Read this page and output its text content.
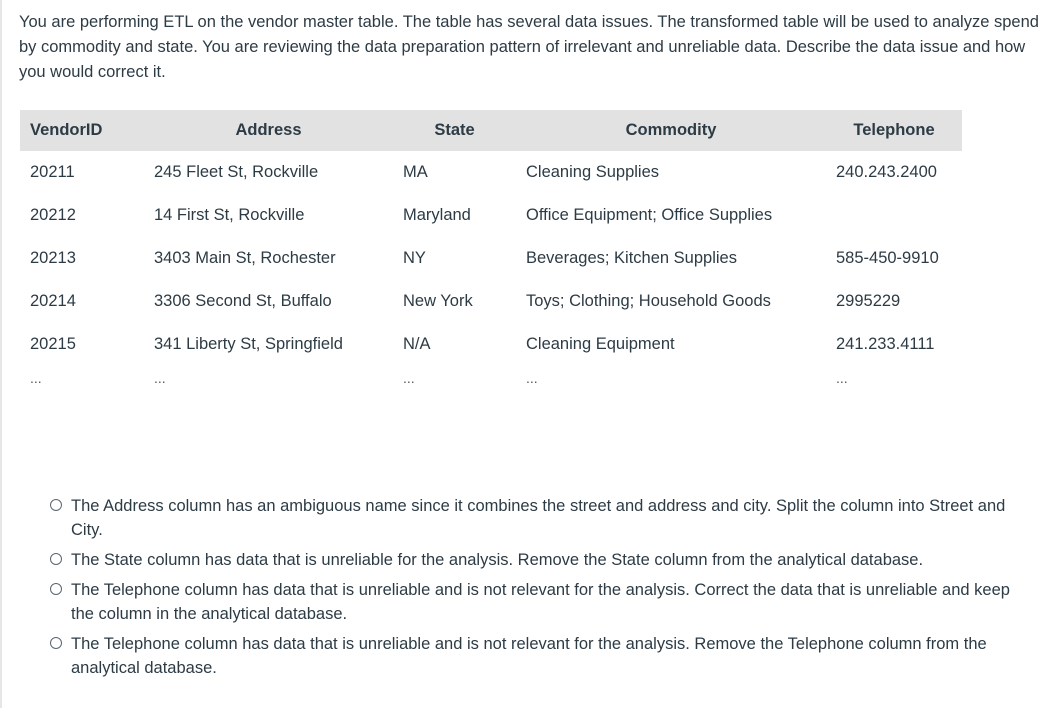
You are performing ETL on the vendor master table. The table has several data issues. The transformed table will be used to analyze spend by commodity and state. You are reviewing the data preparation pattern of irrelevant and unreliable data. Describe the data issue and how you would correct it.
VendorID	Address	State	Commodity	Telephone
20211	245 Fleet St, Rockville	MA	Cleaning Supplies	240.243.2400
20212	14 First St, Rockville	Maryland	Office Equipment; Office Supplies	
20213	3403 Main St, Rochester	NY	Beverages; Kitchen Supplies	585-450-9910
20214	3306 Second St, Buffalo	New York	Toys; Clothing; Household Goods	2995229
20215	341 Liberty St, Springfield	N/A	Cleaning Equipment	241.233.4111
...	...	...	...	...
The Address column has an ambiguous name since it combines the street and address and city. Split the column into Street and City.
The State column has data that is unreliable for the analysis. Remove the State column from the analytical database.
The Telephone column has data that is unreliable and is not relevant for the analysis. Correct the data that is unreliable and keep the column in the analytical database.
The Telephone column has data that is unreliable and is not relevant for the analysis. Remove the Telephone column from the analytical database.
